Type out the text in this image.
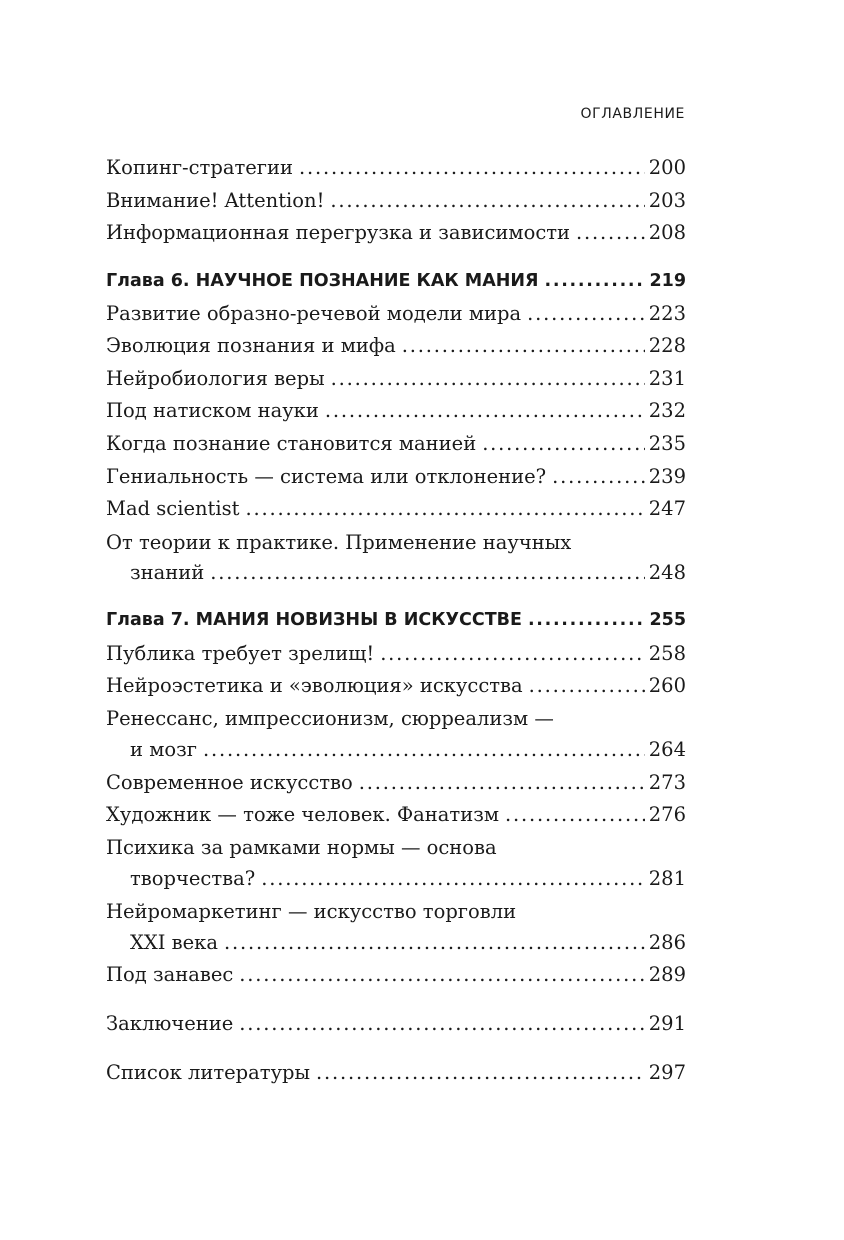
ОГЛАВЛЕНИЕ
Копинг-стратегии . . .	200
Внимание! Attention! . . .	203
Информационная перегрузка и зависимости . . .	208
Глава 6. НАУЧНОЕ ПОЗНАНИЕ КАК МАНИЯ . . .	219
Развитие образно-речевой модели мира . . .	223
Эволюция познания и мифа . . .	228
Нейробиология веры . . .	231
Под натиском науки . . .	232
Когда познание становится манией . . .	235
Гениальность — система или отклонение? . . .	239
Mad scientist . . .	247
От теории к практике. Применение научных
знаний . . .	248
Глава 7. МАНИЯ НОВИЗНЫ В ИСКУССТВЕ . . .	255
Публика требует зрелищ! . . .	258
Нейроэстетика и «эволюция» искусства . . .	260
Ренессанс, импрессионизм, сюрреализм —
и мозг . . .	264
Современное искусство . . .	273
Художник — тоже человек. Фанатизм . . .	276
Психика за рамками нормы — основа
творчества? . . .	281
Нейромаркетинг — искусство торговли
XXI века . . .	286
Под занавес . . .	289
Заключение . . .	291
Список литературы . . .	297
